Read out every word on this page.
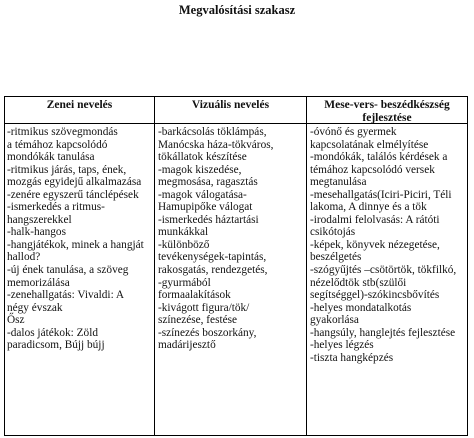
Megvalósítási szakasz
Zenei nevelés	Vizuális nevelés	Mese-vers- beszédkészség fejlesztése
-ritmikus szövegmondás
a témához kapcsolódó
mondókák tanulása
-ritmikus járás, taps, ének,
mozgás egyidejű alkalmazása
-zenére egyszerű tánclépések
-ismerkedés a ritmus-
hangszerekkel
-halk-hangos
-hangjátékok, minek a hangját
hallod?
-új ének tanulása, a szöveg
memorizálása
-zenehallgatás: Vivaldi: A
négy évszak
Ősz
-dalos játékok: Zöld
paradicsom, Bújj bújj
-barkácsolás töklámpás,
Manócska háza-tökváros,
tökállatok készítése
-magok kiszedése,
megmosása, ragasztás
-magok válogatása-
Hamupipőke válogat
-ismerkedés háztartási
munkákkal
-különböző
tevékenységek-tapintás,
rakosgatás, rendezgetés,
-gyurmából
formaalakítások
-kivágott figura/tök/
színezése, festése
-színezés boszorkány,
madárijesztő
-óvónő és gyermek
kapcsolatának elmélyítése
-mondókák, találós kérdések a
témához kapcsolódó versek
megtanulása
-mesehallgatás(Iciri-Piciri, Téli
lakoma, A dinnye és a tök
-irodalmi felolvasás: A rátóti
csikótojás
-képek, könyvek nézegetése,
beszélgetés
-szógyűjtés –csötörtök, tökfilkó,
nézelődtök stb(szülői
segítséggel)-szókincsbővítés
-helyes mondatalkotás
gyakorlása
-hangsúly, hanglejtés fejlesztése
-helyes légzés
-tiszta hangképzés
